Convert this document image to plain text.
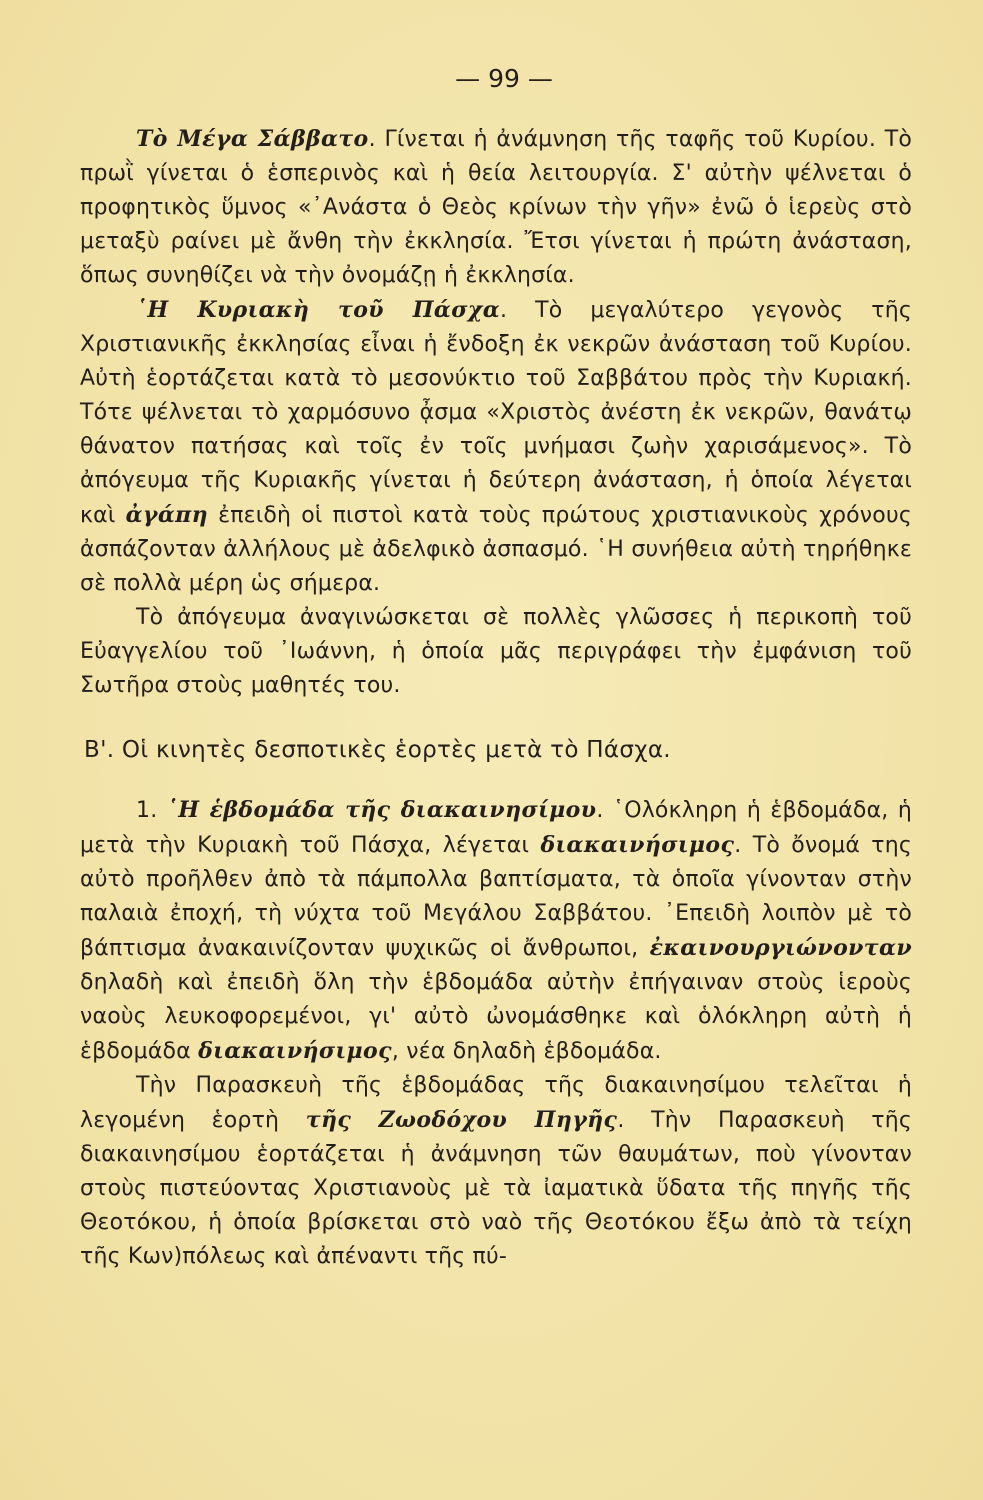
— 99 —

Τὸ Μέγα Σάββατο. Γίνεται ἡ ἀνάμνηση τῆς ταφῆς τοῦ Κυρίου. Τὸ πρωῒ γίνεται ὁ ἑσπερινὸς καὶ ἡ θεία λειτουργία. Σ' αὐτὴν ψέλνεται ὁ προφητικὸς ὕμνος «᾿Ανάστα ὁ Θεὸς κρίνων τὴν γῆν» ἐνῶ ὁ ἱερεὺς στὸ μεταξὺ ραίνει μὲ ἄνθη τὴν ἐκκλησία. Ἔτσι γίνεται ἡ πρώτη ἀνάσταση, ὅπως συνηθίζει νὰ τὴν ὀνομάζῃ ἡ ἐκκλησία.

῾Η Κυριακὴ τοῦ Πάσχα. Τὸ μεγαλύτερο γεγονὸς τῆς Χριστιανικῆς ἐκκλησίας εἶναι ἡ ἔνδοξη ἐκ νεκρῶν ἀνάσταση τοῦ Κυρίου. Αὐτὴ ἑορτάζεται κατὰ τὸ μεσονύκτιο τοῦ Σαββάτου πρὸς τὴν Κυριακή. Τότε ψέλνεται τὸ χαρμόσυνο ᾆσμα «Χριστὸς ἀνέστη ἐκ νεκρῶν, θανάτῳ θάνατον πατήσας καὶ τοῖς ἐν τοῖς μνήμασι ζωὴν χαρισάμενος». Τὸ ἀπόγευμα τῆς Κυριακῆς γίνεται ἡ δεύτερη ἀνάσταση, ἡ ὁποία λέγεται καὶ ἀγάπη ἐπειδὴ οἱ πιστοὶ κατὰ τοὺς πρώτους χριστιανικοὺς χρόνους ἀσπάζονταν ἀλλήλους μὲ ἀδελφικὸ ἀσπασμό. ῾Η συνήθεια αὐτὴ τηρήθηκε σὲ πολλὰ μέρη ὡς σήμερα.

Τὸ ἀπόγευμα ἀναγινώσκεται σὲ πολλὲς γλῶσσες ἡ περικοπὴ τοῦ Εὐαγγελίου τοῦ ᾿Ιωάννη, ἡ ὁποία μᾶς περιγράφει τὴν ἐμφάνιση τοῦ Σωτῆρα στοὺς μαθητές του.

Β'. Οἱ κινητὲς δεσποτικὲς ἑορτὲς μετὰ τὸ Πάσχα.

1. ῾Η ἑβδομάδα τῆς διακαινησίμου. ῾Ολόκληρη ἡ ἑβδομάδα, ἡ μετὰ τὴν Κυριακὴ τοῦ Πάσχα, λέγεται διακαινήσιμος. Τὸ ὄνομά της αὐτὸ προῆλθεν ἀπὸ τὰ πάμπολλα βαπτίσματα, τὰ ὁποῖα γίνονταν στὴν παλαιὰ ἐποχή, τὴ νύχτα τοῦ Μεγάλου Σαββάτου. ᾿Επειδὴ λοιπὸν μὲ τὸ βάπτισμα ἀνακαινίζονταν ψυχικῶς οἱ ἄνθρωποι, ἐκαινουργιώνονταν δηλαδὴ καὶ ἐπειδὴ ὅλη τὴν ἑβδομάδα αὐτὴν ἐπήγαιναν στοὺς ἱεροὺς ναοὺς λευκοφορεμένοι, γι' αὐτὸ ὠνομάσθηκε καὶ ὁλόκληρη αὐτὴ ἡ ἑβδομάδα διακαινήσιμος, νέα δηλαδὴ ἑβδομάδα.

Τὴν Παρασκευὴ τῆς ἑβδομάδας τῆς διακαινησίμου τελεῖται ἡ λεγομένη ἑορτὴ τῆς Ζωοδόχου Πηγῆς. Τὴν Παρασκευὴ τῆς διακαινησίμου ἑορτάζεται ἡ ἀνάμνηση τῶν θαυμάτων, ποὺ γίνονταν στοὺς πιστεύοντας Χριστιανοὺς μὲ τὰ ἰαματικὰ ὕδατα τῆς πηγῆς τῆς Θεοτόκου, ἡ ὁποία βρίσκεται στὸ ναὸ τῆς Θεοτόκου ἔξω ἀπὸ τὰ τείχη τῆς Κων)πόλεως καὶ ἀπέναντι τῆς πύ-
